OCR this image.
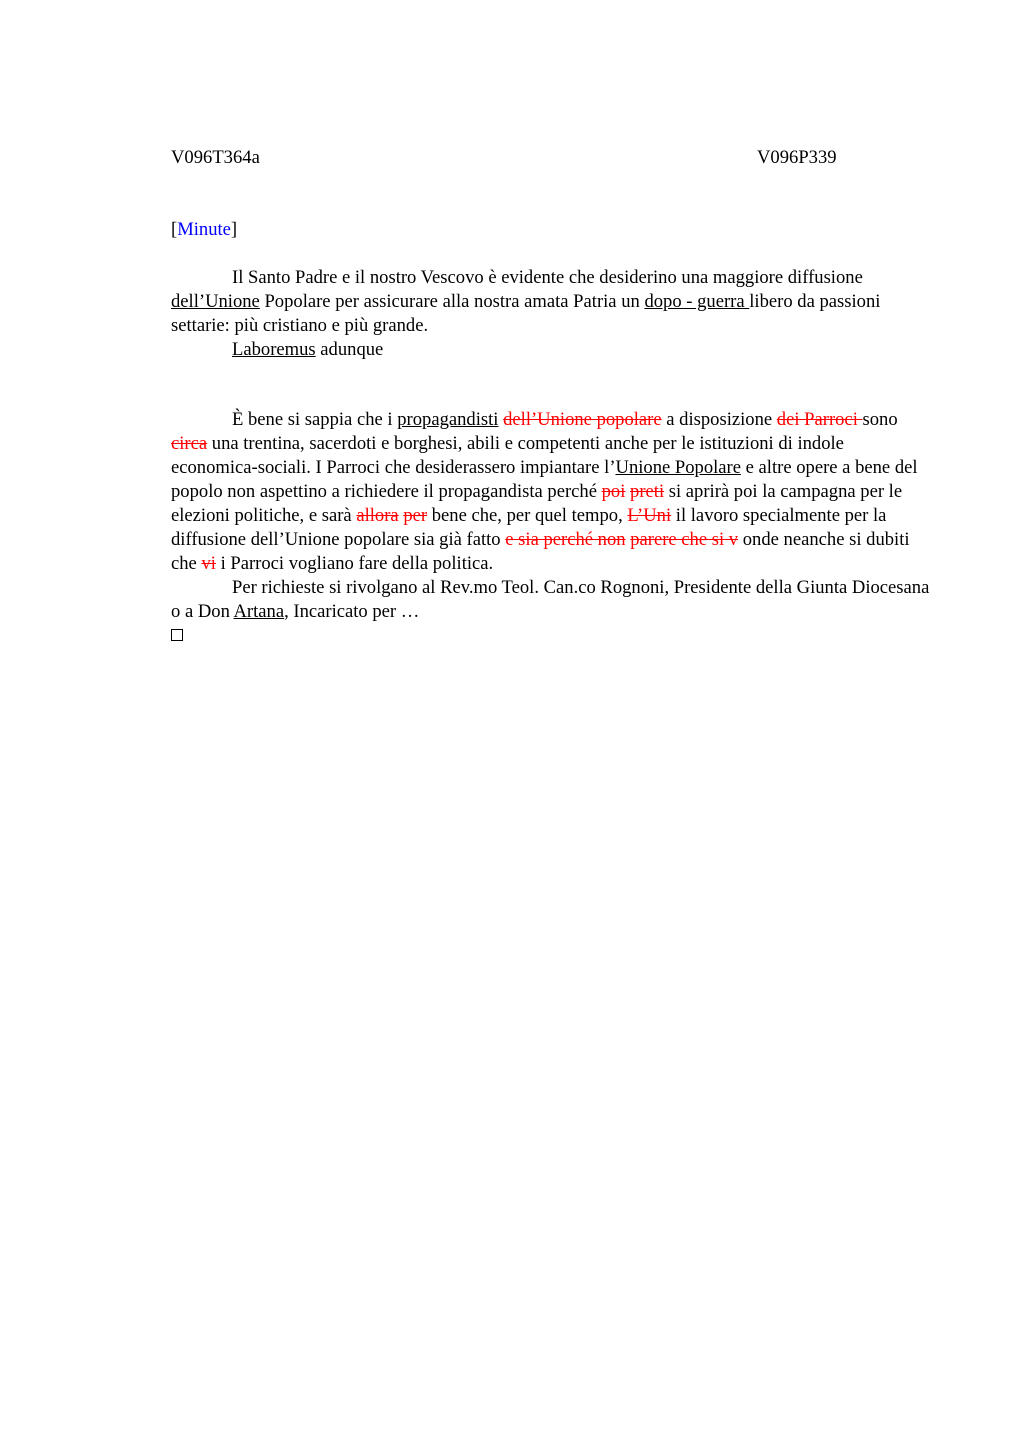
V096T364a	V096P339
[Minute]

Il Santo Padre e il nostro Vescovo è evidente che desiderino una maggiore diffusione dell’Unione Popolare per assicurare alla nostra amata Patria un dopo - guerra libero da passioni settarie: più cristiano e più grande.

Laboremus adunque

È bene si sappia che i propagandisti dell’Unione popolare a disposizione dei Parroci sono circa una trentina, sacerdoti e borghesi, abili e competenti anche per le istituzioni di indole economica-sociali. I Parroci che desiderassero impiantare l’Unione Popolare e altre opere a bene del popolo non aspettino a richiedere il propagandista perché poi preti si aprirà poi la campagna per le elezioni politiche, e sarà allora per bene che, per quel tempo, L’Uni il lavoro specialmente per la diffusione dell’Unione popolare sia già fatto e sia perché non parere che si v onde neanche si dubiti che vi i Parroci vogliano fare della politica.

Per richieste si rivolgano al Rev.mo Teol. Can.co Rognoni, Presidente della Giunta Diocesana o a Don Artana, Incaricato per …
